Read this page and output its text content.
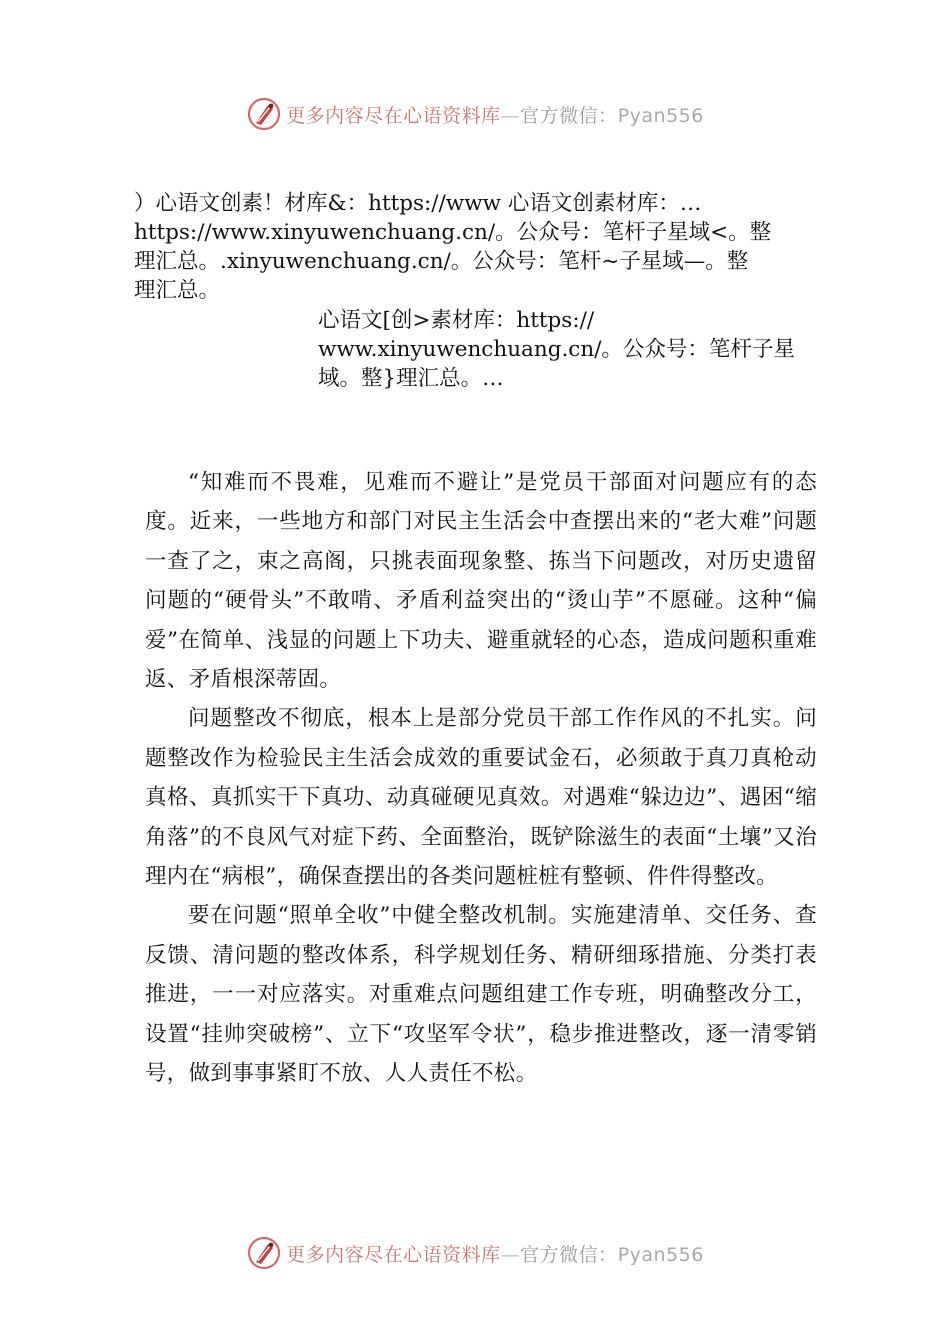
更多内容尽在心语资料库—官方微信：Pyan556
）心语文创素！材库&：https://www 心语文创素材库：…
https://www.xinyuwenchuang.cn/。公众号：笔杆子星域<。整
理汇总。.xinyuwenchuang.cn/。公众号：笔杆~子星域—。整
理汇总。
心语文[创>素材库：https://
www.xinyuwenchuang.cn/。公众号：笔杆子星
域。整}理汇总。…

“知难而不畏难，见难而不避让”是党员干部面对问题应有的态度。近来，一些地方和部门对民主生活会中查摆出来的“老大难”问题一查了之，束之高阁，只挑表面现象整、拣当下问题改，对历史遗留问题的“硬骨头”不敢啃、矛盾利益突出的“烫山芋”不愿碰。这种“偏爱”在简单、浅显的问题上下功夫、避重就轻的心态，造成问题积重难返、矛盾根深蒂固。

问题整改不彻底，根本上是部分党员干部工作作风的不扎实。问题整改作为检验民主生活会成效的重要试金石，必须敢于真刀真枪动真格、真抓实干下真功、动真碰硬见真效。对遇难“躲边边”、遇困“缩角落”的不良风气对症下药、全面整治，既铲除滋生的表面“土壤”又治理内在“病根”，确保查摆出的各类问题桩桩有整顿、件件得整改。

要在问题“照单全收”中健全整改机制。实施建清单、交任务、查反馈、清问题的整改体系，科学规划任务、精研细琢措施、分类打表推进，一一对应落实。对重难点问题组建工作专班，明确整改分工，设置“挂帅突破榜”、立下“攻坚军令状”，稳步推进整改，逐一清零销号，做到事事紧盯不放、人人责任不松。

更多内容尽在心语资料库—官方微信：Pyan556
